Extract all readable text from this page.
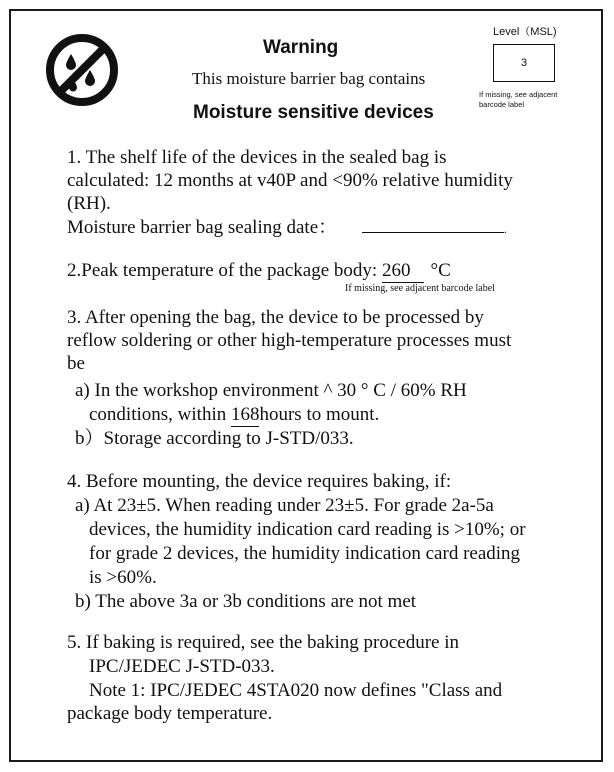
Warning
This moisture barrier bag contains
Moisture sensitive devices
Level（MSL)
3
If missing, see adjacent
barcode label
1. The shelf life of the devices in the sealed bag is
calculated: 12 months at v40P and <90% relative humidity
(RH).
Moisture barrier bag sealing date：	.
2.Peak temperature of the package body: 260 °C
If missing, see adjacent barcode label
3. After opening the bag, the device to be processed by
reflow soldering or other high-temperature processes must
be
a) In the workshop environment ^ 30 ° C / 60% RH
conditions, within 168hours to mount.
b）Storage according to J-STD/033.
4. Before mounting, the device requires baking, if:
a) At 23±5. When reading under 23±5. For grade 2a-5a
devices, the humidity indication card reading is >10%; or
for grade 2 devices, the humidity indication card reading
is >60%.
b) The above 3a or 3b conditions are not met
5. If baking is required, see the baking procedure in
IPC/JEDEC J-STD-033.
Note 1: IPC/JEDEC 4STA020 now defines "Class and
package body temperature.
